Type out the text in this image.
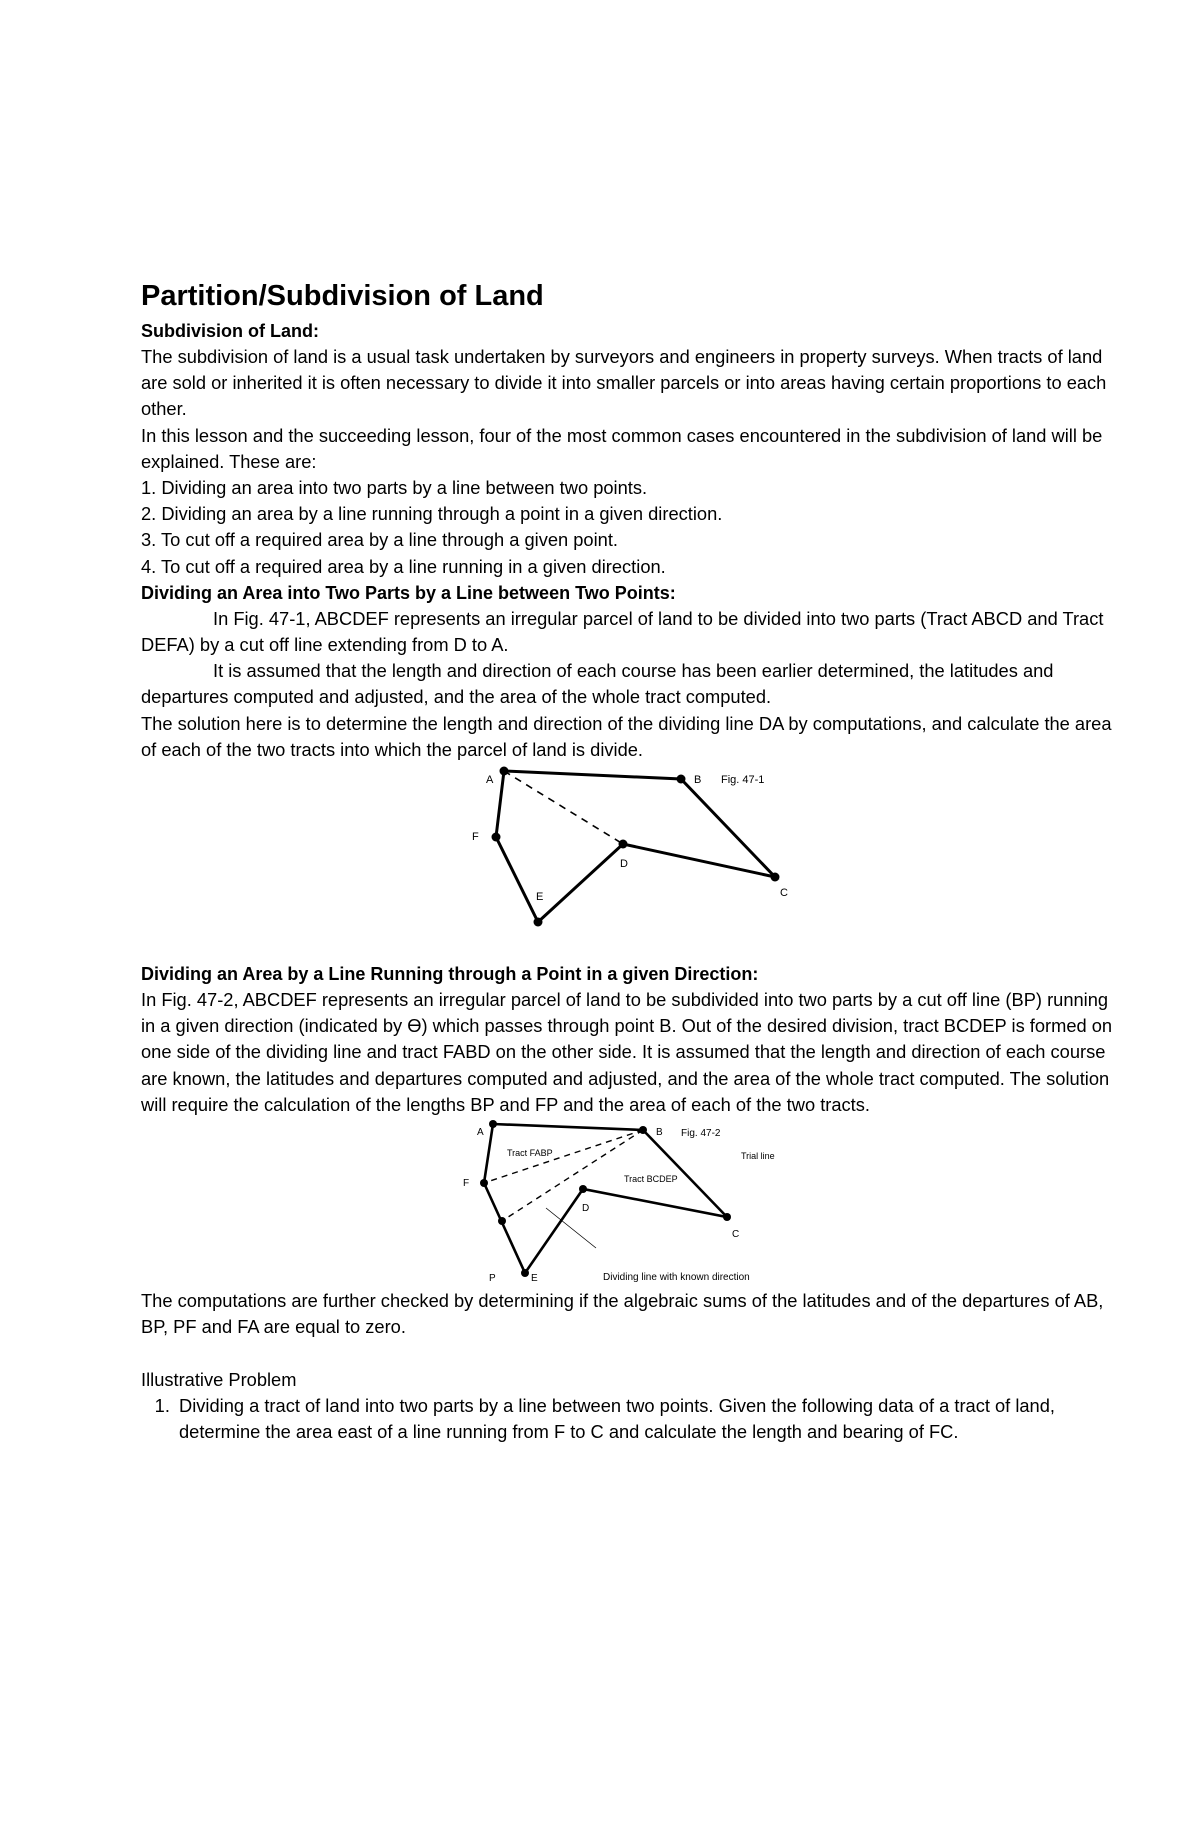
Partition/Subdivision of Land
Subdivision of Land:

The subdivision of land is a usual task undertaken by surveyors and engineers in property surveys. When tracts of land are sold or inherited it is often necessary to divide it into smaller parcels or into areas having certain proportions to each other.

In this lesson and the succeeding lesson, four of the most common cases encountered in the subdivision of land will be explained. These are:

1. Dividing an area into two parts by a line between two points.

2. Dividing an area by a line running through a point in a given direction.

3. To cut off a required area by a line through a given point.

4. To cut off a required area by a line running in a given direction.

Dividing an Area into Two Parts by a Line between Two Points:

In Fig. 47-1, ABCDEF represents an irregular parcel of land to be divided into two parts (Tract ABCD and Tract DEFA) by a cut off line extending from D to A.

It is assumed that the length and direction of each course has been earlier determined, the latitudes and departures computed and adjusted, and the area of the whole tract computed.

The solution here is to determine the length and direction of the dividing line DA by computations, and calculate the area of each of the two tracts into which the parcel of land is divide.

A	B
C
D
E
F
Fig. 47-1
Dividing an Area by a Line Running through a Point in a given Direction:

In Fig. 47-2, ABCDEF represents an irregular parcel of land to be subdivided into two parts by a cut off line (BP) running in a given direction (indicated by Ɵ) which passes through point B. Out of the desired division, tract BCDEP is formed on one side of the dividing line and tract FABD on the other side. It is assumed that the length and direction of each course are known, the latitudes and departures computed and adjusted, and the area of the whole tract computed. The solution will require the calculation of the lengths BP and FP and the area of each of the two tracts.

A	B
C
D
E
F
P
Fig. 47-2
Trial line
Tract FABP
Tract BCDEP
Dividing line with known direction

The computations are further checked by determining if the algebraic sums of the latitudes and of the departures of AB, BP, PF and FA are equal to zero.

Illustrative Problem

1. Dividing a tract of land into two parts by a line between two points. Given the following data of a tract of land, determine the area east of a line running from F to C and calculate the length and bearing of FC.
